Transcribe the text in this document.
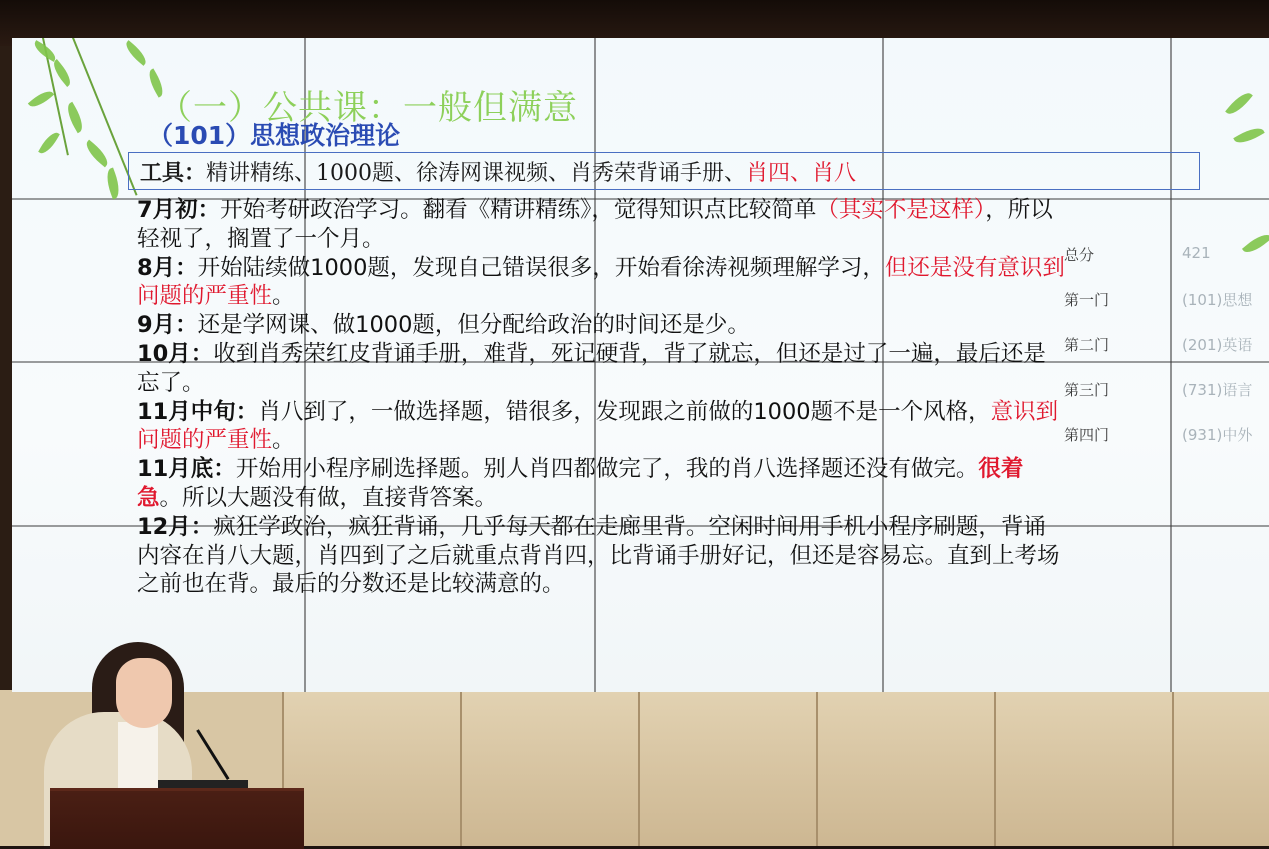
（一）公共课：一般但满意
（101）思想政治理论
工具：精讲精练、1000题、徐涛网课视频、肖秀荣背诵手册、肖四、肖八

7月初：开始考研政治学习。翻看《精讲精练》，觉得知识点比较简单（其实不是这样），所以轻视了，搁置了一个月。

8月：开始陆续做1000题，发现自己错误很多，开始看徐涛视频理解学习，但还是没有意识到问题的严重性。

9月：还是学网课、做1000题，但分配给政治的时间还是少。

10月：收到肖秀荣红皮背诵手册，难背，死记硬背，背了就忘，但还是过了一遍，最后还是忘了。

11月中旬：肖八到了，一做选择题，错很多，发现跟之前做的1000题不是一个风格，意识到问题的严重性。

11月底：开始用小程序刷选择题。别人肖四都做完了，我的肖八选择题还没有做完。很着急。所以大题没有做，直接背答案。

12月：疯狂学政治，疯狂背诵，几乎每天都在走廊里背。空闲时间用手机小程序刷题，背诵内容在肖八大题，肖四到了之后就重点背肖四，比背诵手册好记，但还是容易忘。直到上考场之前也在背。最后的分数还是比较满意的。

总分	421
第一门	(101)思想
第二门	(201)英语
第三门	(731)语言
第四门	(931)中外
